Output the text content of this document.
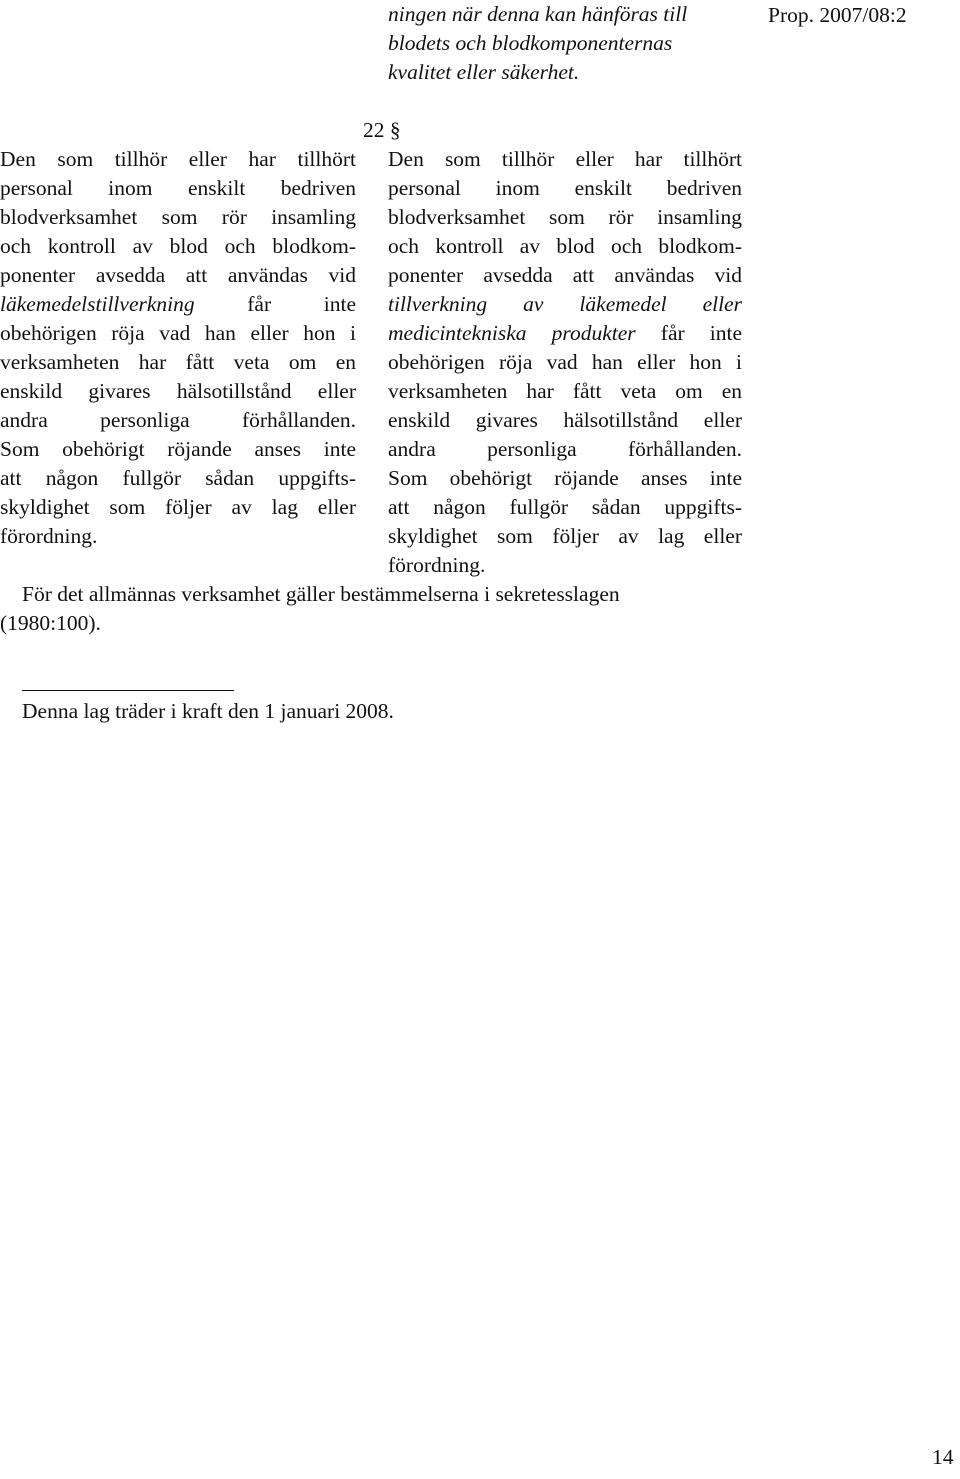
Prop. 2007/08:2
ningen när denna kan hänföras till
blodets och blodkomponenternas
kvalitet eller säkerhet.
22 §
Den som tillhör eller har tillhört
personal inom enskilt bedriven
blodverksamhet som rör insamling
och kontroll av blod och blodkom-
ponenter avsedda att användas vid
läkemedelstillverkning får inte
obehörigen röja vad han eller hon i
verksamheten har fått veta om en
enskild givares hälsotillstånd eller
andra personliga förhållanden.
Som obehörigt röjande anses inte
att någon fullgör sådan uppgifts-
skyldighet som följer av lag eller
förordning.
Den som tillhör eller har tillhört
personal inom enskilt bedriven
blodverksamhet som rör insamling
och kontroll av blod och blodkom-
ponenter avsedda att användas vid
tillverkning av läkemedel eller
medicintekniska produkter får inte
obehörigen röja vad han eller hon i
verksamheten har fått veta om en
enskild givares hälsotillstånd eller
andra personliga förhållanden.
Som obehörigt röjande anses inte
att någon fullgör sådan uppgifts-
skyldighet som följer av lag eller
förordning.
För det allmännas verksamhet gäller bestämmelserna i sekretesslagen
(1980:100).
Denna lag träder i kraft den 1 januari 2008.
14
